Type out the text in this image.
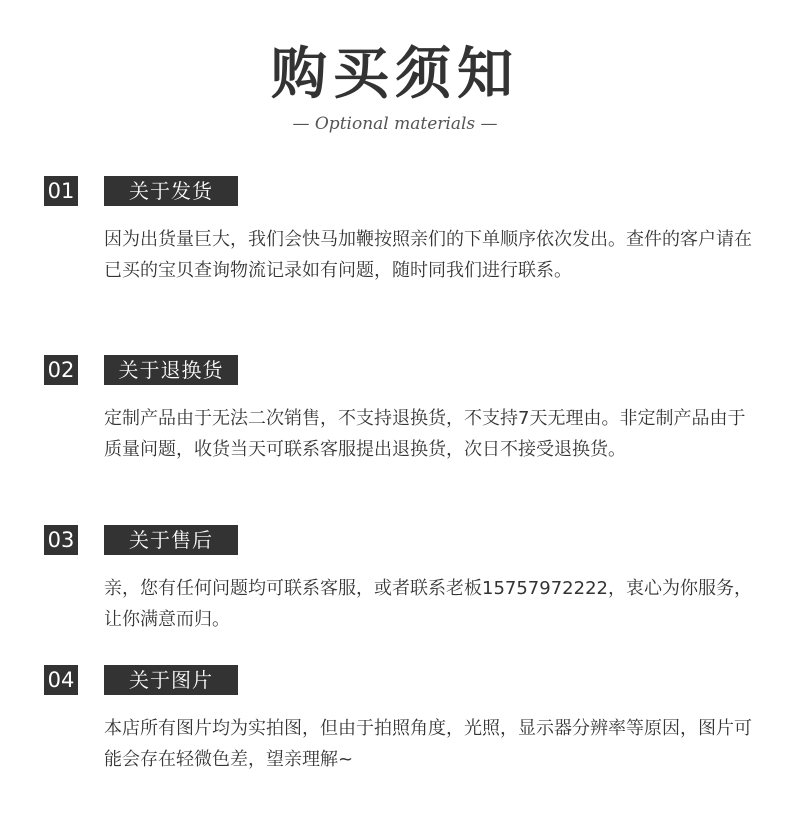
购买须知
— Optional materials —
01	关于发货
因为出货量巨大，我们会快马加鞭按照亲们的下单顺序依次发出。查件的客户请在已买的宝贝查询物流记录如有问题，随时同我们进行联系。
02	关于退换货
定制产品由于无法二次销售，不支持退换货，不支持7天无理由。非定制产品由于质量问题，收货当天可联系客服提出退换货，次日不接受退换货。
03	关于售后
亲，您有任何问题均可联系客服，或者联系老板15757972222，衷心为你服务，让你满意而归。
04	关于图片
本店所有图片均为实拍图，但由于拍照角度，光照，显示器分辨率等原因，图片可能会存在轻微色差，望亲理解~
